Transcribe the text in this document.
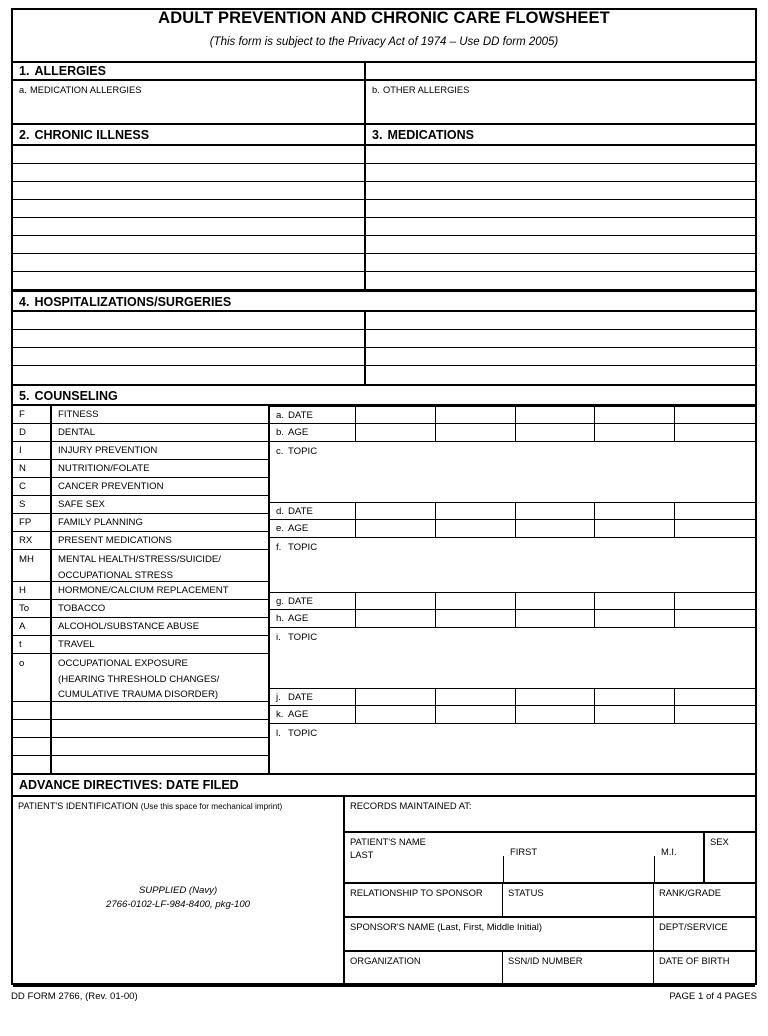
ADULT PREVENTION AND CHRONIC CARE FLOWSHEET
(This form is subject to the Privacy Act of 1974 – Use DD form 2005)
1. ALLERGIES
a. MEDICATION ALLERGIES	b. OTHER ALLERGIES
2. CHRONIC ILLNESS	3. MEDICATIONS
4. HOSPITALIZATIONS/SURGERIES
5. COUNSELING
F	FITNESS
D	DENTAL
I	INJURY PREVENTION
N	NUTRITION/FOLATE
C	CANCER PREVENTION
S	SAFE SEX
FP	FAMILY PLANNING
RX	PRESENT MEDICATIONS
MH	MENTAL HEALTH/STRESS/SUICIDE/
OCCUPATIONAL STRESS
H	HORMONE/CALCIUM REPLACEMENT
To	TOBACCO
A	ALCOHOL/SUBSTANCE ABUSE
t	TRAVEL
o	OCCUPATIONAL EXPOSURE
(HEARING THRESHOLD CHANGES/
CUMULATIVE TRAUMA DISORDER)
a. DATE
b. AGE
c. TOPIC
d. DATE
e. AGE
f. TOPIC
g. DATE
h. AGE
i. TOPIC
j. DATE
k. AGE
l. TOPIC
ADVANCE DIRECTIVES: DATE FILED
PATIENT'S IDENTIFICATION (Use this space for mechanical imprint)
SUPPLIED (Navy)
2766-0102-LF-984-8400, pkg-100
RECORDS MAINTAINED AT:
PATIENT'S NAME
LAST	FIRST	M.I.
SEX
RELATIONSHIP TO SPONSOR	STATUS	RANK/GRADE
SPONSOR'S NAME (Last, First, Middle Initial)	DEPT/SERVICE
ORGANIZATION	SSN/ID NUMBER	DATE OF BIRTH
DD FORM 2766, (Rev. 01-00)	PAGE 1 of 4 PAGES
